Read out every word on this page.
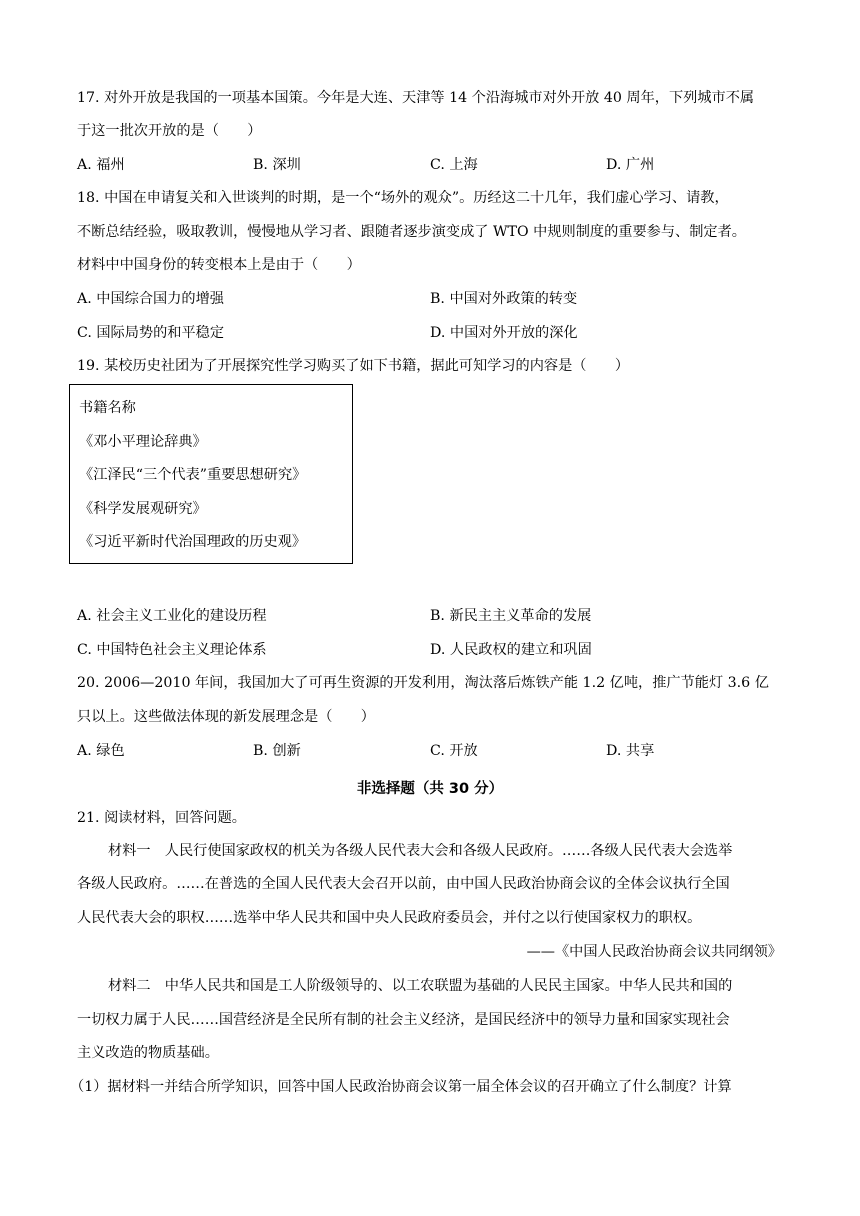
17. 对外开放是我国的一项基本国策。今年是大连、天津等 14 个沿海城市对外开放 40 周年，下列城市不属
于这一批次开放的是（　　）
A. 福州	B. 深圳	C. 上海	D. 广州
18. 中国在申请复关和入世谈判的时期，是一个“场外的观众”。历经这二十几年，我们虚心学习、请教，
不断总结经验，吸取教训，慢慢地从学习者、跟随者逐步演变成了 WTO 中规则制度的重要参与、制定者。
材料中中国身份的转变根本上是由于（　　）
A. 中国综合国力的增强	B. 中国对外政策的转变
C. 国际局势的和平稳定	D. 中国对外开放的深化
19. 某校历史社团为了开展探究性学习购买了如下书籍，据此可知学习的内容是（　　）
书籍名称
《邓小平理论辞典》
《江泽民“三个代表”重要思想研究》
《科学发展观研究》
《习近平新时代治国理政的历史观》
A. 社会主义工业化的建设历程	B. 新民主主义革命的发展
C. 中国特色社会主义理论体系	D. 人民政权的建立和巩固
20. 2006—2010 年间，我国加大了可再生资源的开发利用，淘汰落后炼铁产能 1.2 亿吨，推广节能灯 3.6 亿
只以上。这些做法体现的新发展理念是（　　）
A. 绿色	B. 创新	C. 开放	D. 共享
非选择题（共 30 分）
21. 阅读材料，回答问题。
材料一　人民行使国家政权的机关为各级人民代表大会和各级人民政府。……各级人民代表大会选举
各级人民政府。……在普选的全国人民代表大会召开以前，由中国人民政治协商会议的全体会议执行全国
人民代表大会的职权……选举中华人民共和国中央人民政府委员会，并付之以行使国家权力的职权。
——《中国人民政治协商会议共同纲领》
材料二　中华人民共和国是工人阶级领导的、以工农联盟为基础的人民民主国家。中华人民共和国的
一切权力属于人民……国营经济是全民所有制的社会主义经济，是国民经济中的领导力量和国家实现社会
主义改造的物质基础。
（1）据材料一并结合所学知识，回答中国人民政治协商会议第一届全体会议的召开确立了什么制度？计算
